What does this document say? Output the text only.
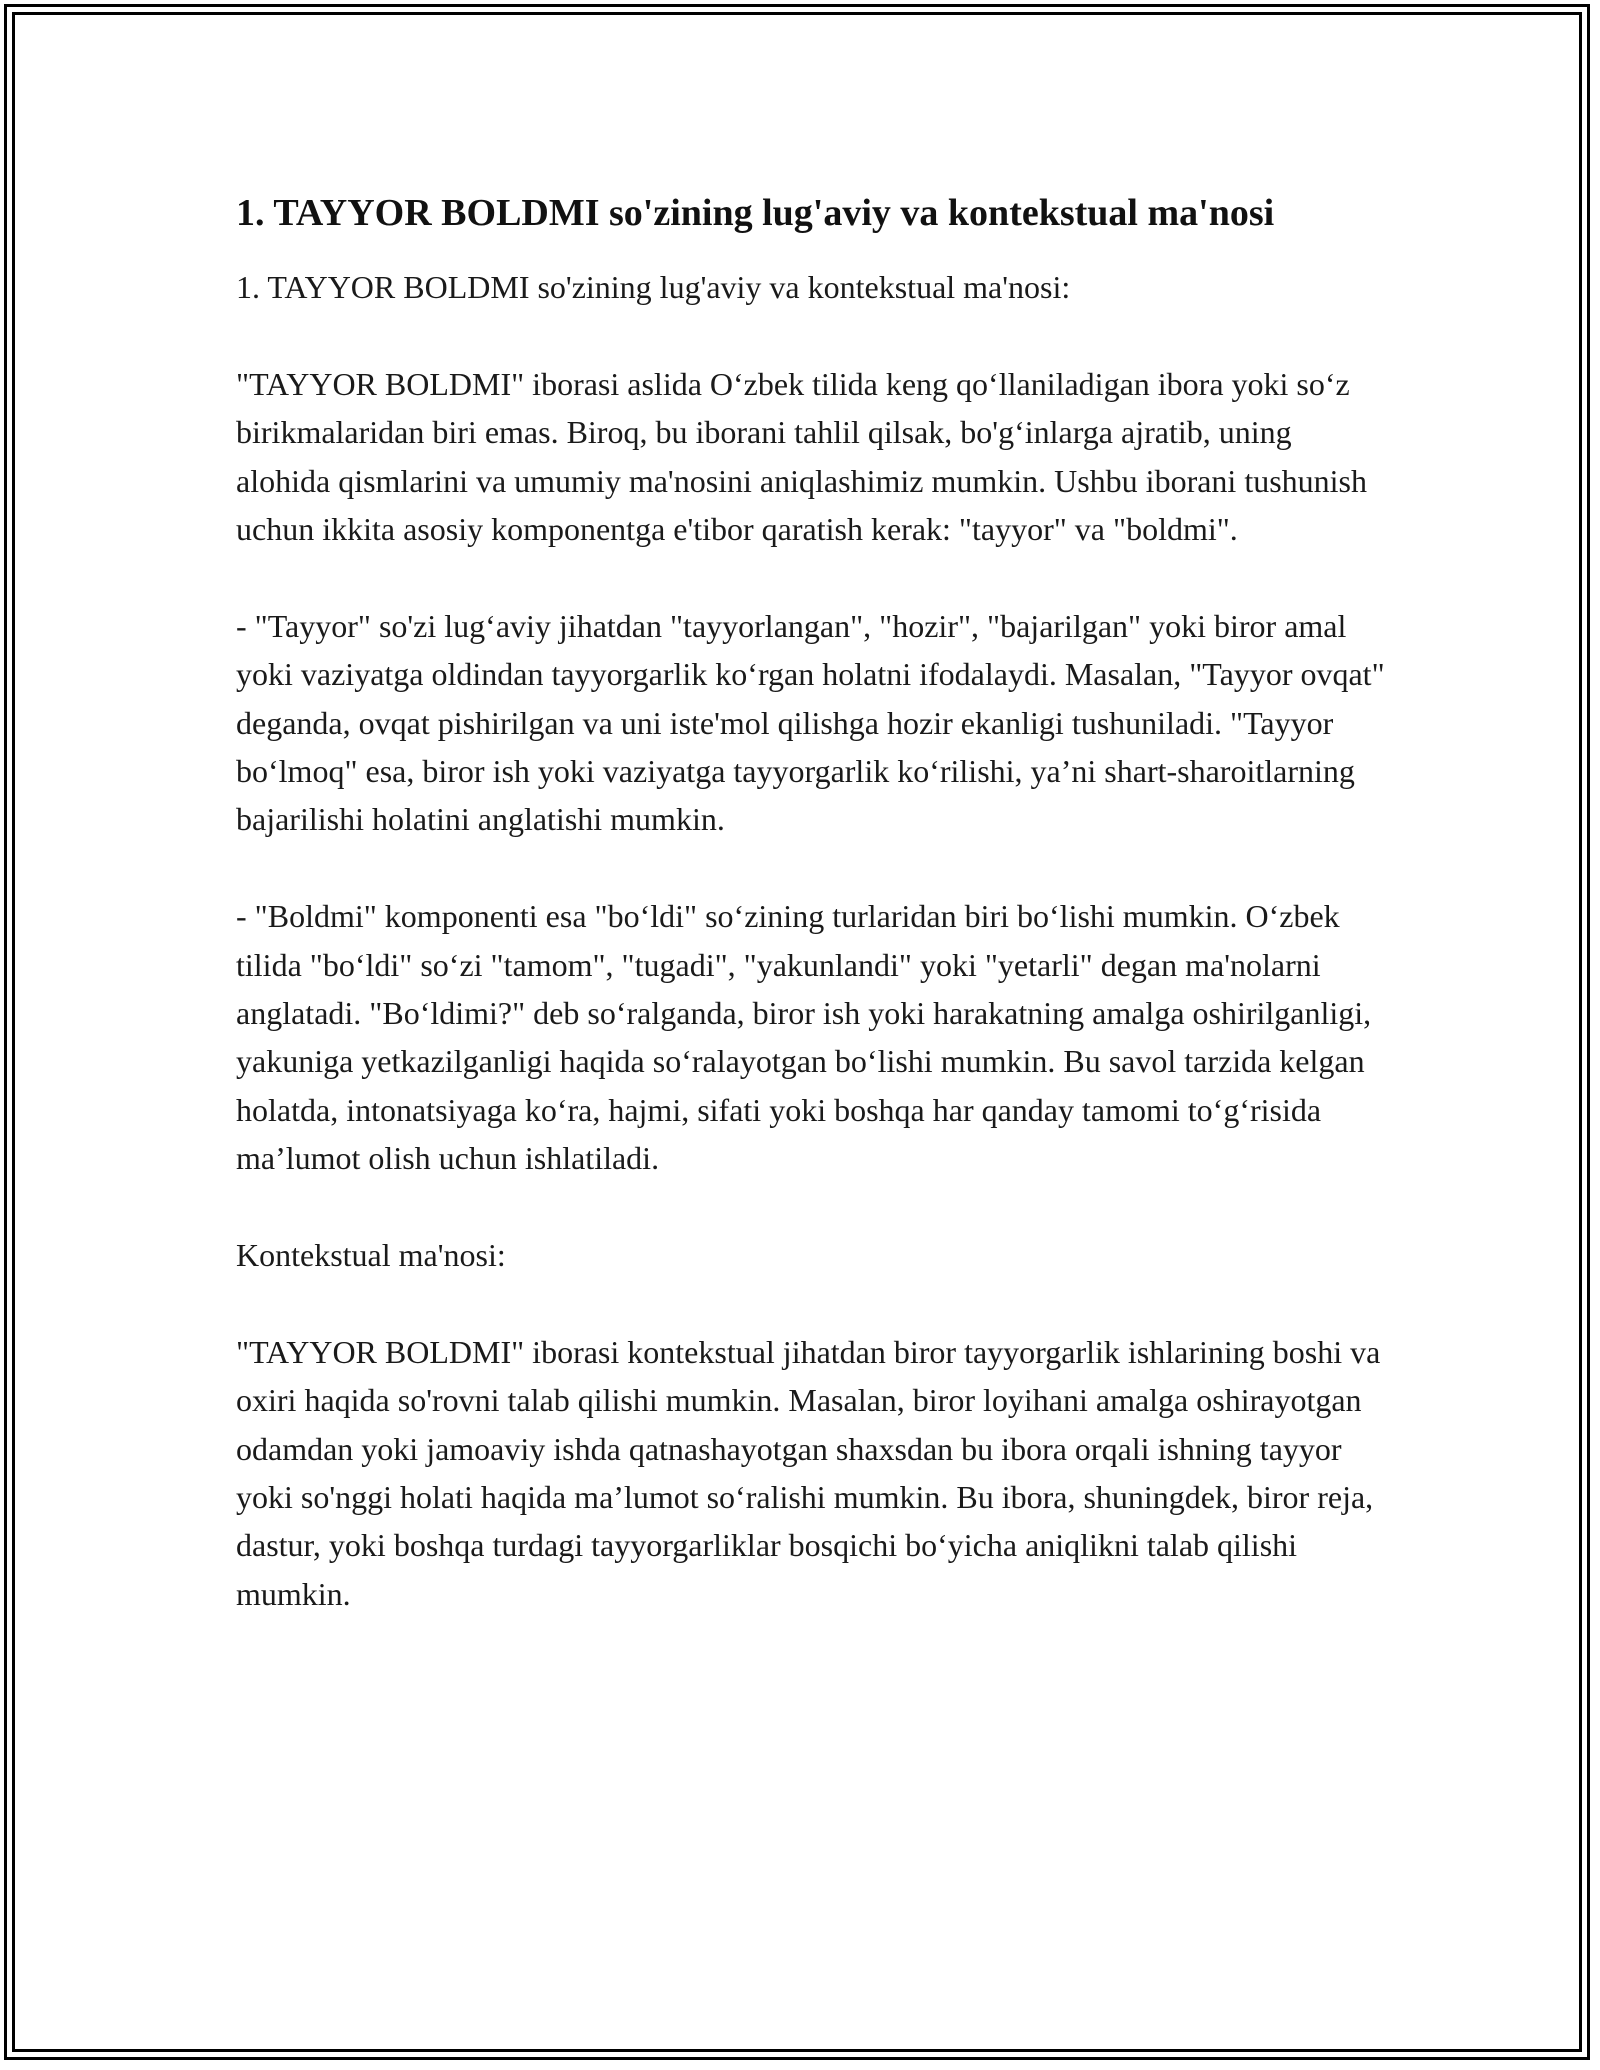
1. TAYYOR BOLDMI so'zining lug'aviy va kontekstual ma'nosi

1. TAYYOR BOLDMI so'zining lug'aviy va kontekstual ma'nosi:

"TAYYOR BOLDMI" iborasi aslida O‘zbek tilida keng qo‘llaniladigan ibora yoki so‘z birikmalaridan biri emas. Biroq, bu iborani tahlil qilsak, bo'g‘inlarga ajratib, uning alohida qismlarini va umumiy ma'nosini aniqlashimiz mumkin. Ushbu iborani tushunish uchun ikkita asosiy komponentga e'tibor qaratish kerak: "tayyor" va "boldmi".

- "Tayyor" so'zi lug‘aviy jihatdan "tayyorlangan", "hozir", "bajarilgan" yoki biror amal yoki vaziyatga oldindan tayyorgarlik ko‘rgan holatni ifodalaydi. Masalan, "Tayyor ovqat" deganda, ovqat pishirilgan va uni iste'mol qilishga hozir ekanligi tushuniladi. "Tayyor bo‘lmoq" esa, biror ish yoki vaziyatga tayyorgarlik ko‘rilishi, ya’ni shart-sharoitlarning bajarilishi holatini anglatishi mumkin.

- "Boldmi" komponenti esa "bo‘ldi" so‘zining turlaridan biri bo‘lishi mumkin. O‘zbek tilida "bo‘ldi" so‘zi "tamom", "tugadi", "yakunlandi" yoki "yetarli" degan ma'nolarni anglatadi. "Bo‘ldimi?" deb so‘ralganda, biror ish yoki harakatning amalga oshirilganligi, yakuniga yetkazilganligi haqida so‘ralayotgan bo‘lishi mumkin. Bu savol tarzida kelgan holatda, intonatsiyaga ko‘ra, hajmi, sifati yoki boshqa har qanday tamomi to‘g‘risida ma’lumot olish uchun ishlatiladi.

Kontekstual ma'nosi:

"TAYYOR BOLDMI" iborasi kontekstual jihatdan biror tayyorgarlik ishlarining boshi va oxiri haqida so'rovni talab qilishi mumkin. Masalan, biror loyihani amalga oshirayotgan odamdan yoki jamoaviy ishda qatnashayotgan shaxsdan bu ibora orqali ishning tayyor yoki so'nggi holati haqida ma’lumot so‘ralishi mumkin. Bu ibora, shuningdek, biror reja, dastur, yoki boshqa turdagi tayyorgarliklar bosqichi bo‘yicha aniqlikni talab qilishi mumkin.
